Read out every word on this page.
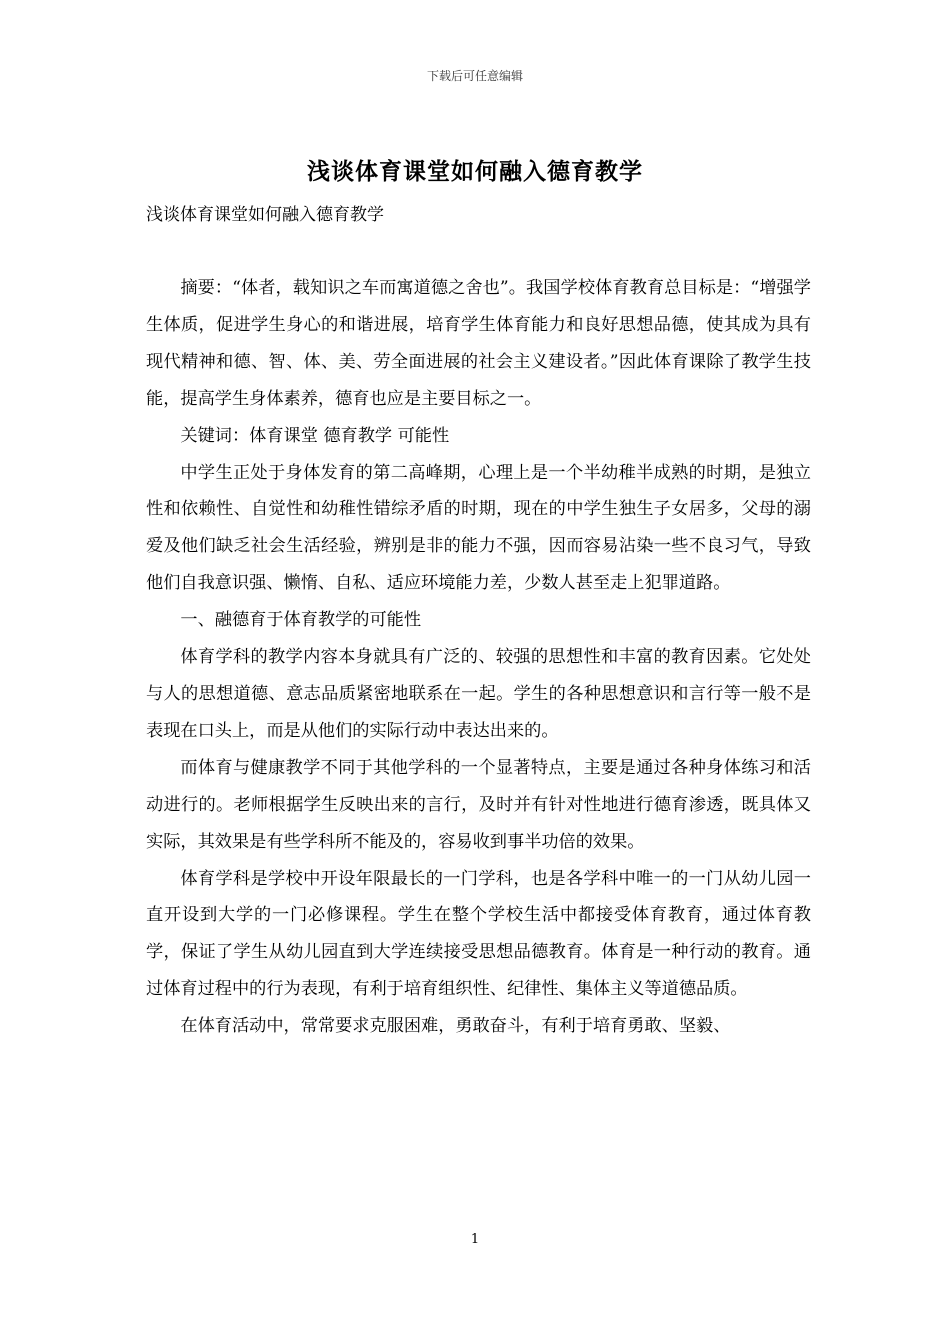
下载后可任意编辑
浅谈体育课堂如何融入德育教学
浅谈体育课堂如何融入德育教学

摘要：“体者，载知识之车而寓道德之舍也”。我国学校体育教育总目标是：“增强学生体质，促进学生身心的和谐进展，培育学生体育能力和良好思想品德，使其成为具有现代精神和德、智、体、美、劳全面进展的社会主义建设者。”因此体育课除了教学生技能，提高学生身体素养，德育也应是主要目标之一。

关键词：体育课堂 德育教学 可能性

中学生正处于身体发育的第二高峰期，心理上是一个半幼稚半成熟的时期，是独立性和依赖性、自觉性和幼稚性错综矛盾的时期，现在的中学生独生子女居多，父母的溺爱及他们缺乏社会生活经验，辨别是非的能力不强，因而容易沾染一些不良习气，导致他们自我意识强、懒惰、自私、适应环境能力差，少数人甚至走上犯罪道路。

一、融德育于体育教学的可能性

体育学科的教学内容本身就具有广泛的、较强的思想性和丰富的教育因素。它处处与人的思想道德、意志品质紧密地联系在一起。学生的各种思想意识和言行等一般不是表现在口头上，而是从他们的实际行动中表达出来的。

而体育与健康教学不同于其他学科的一个显著特点，主要是通过各种身体练习和活动进行的。老师根据学生反映出来的言行，及时并有针对性地进行德育渗透，既具体又实际，其效果是有些学科所不能及的，容易收到事半功倍的效果。

体育学科是学校中开设年限最长的一门学科，也是各学科中唯一的一门从幼儿园一直开设到大学的一门必修课程。学生在整个学校生活中都接受体育教育，通过体育教学，保证了学生从幼儿园直到大学连续接受思想品德教育。体育是一种行动的教育。通过体育过程中的行为表现，有利于培育组织性、纪律性、集体主义等道德品质。

在体育活动中，常常要求克服困难，勇敢奋斗，有利于培育勇敢、坚毅、

1
